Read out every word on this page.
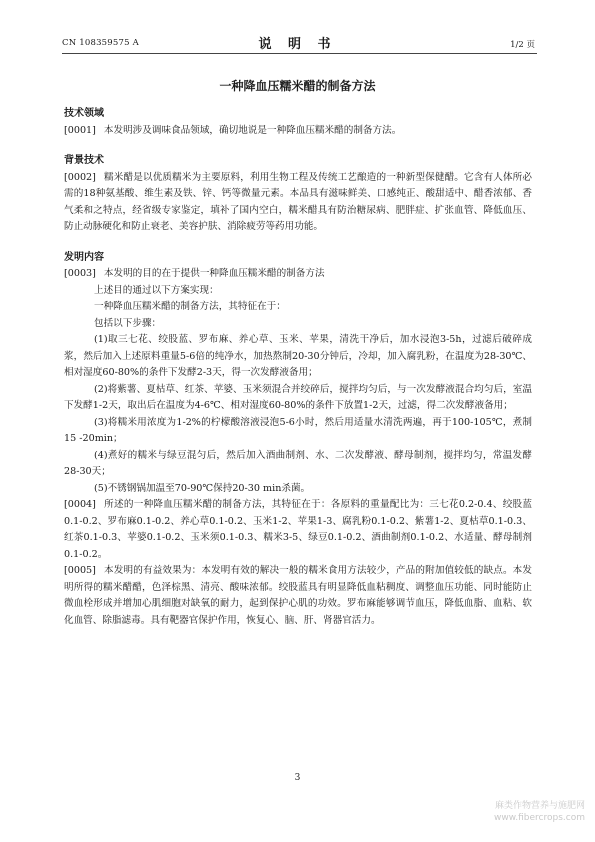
CN 108359575 A	说 明 书	1/2 页
一种降血压糯米醋的制备方法

技术领域

[0001] 本发明涉及调味食品领域，确切地说是一种降血压糯米醋的制备方法。

背景技术

[0002] 糯米醋是以优质糯米为主要原料，利用生物工程及传统工艺酿造的一种新型保健醋。它含有人体所必需的18种氨基酸、维生素及铁、锌、钙等微量元素。本品具有滋味鲜美、口感纯正、酸甜适中、醋香浓郁、香气柔和之特点，经省级专家鉴定，填补了国内空白，糯米醋具有防治糖尿病、肥胖症、扩张血管、降低血压、防止动脉硬化和防止衰老、美容护肤、消除疲劳等药用功能。

发明内容

[0003] 本发明的目的在于提供一种降血压糯米醋的制备方法

上述目的通过以下方案实现：

一种降血压糯米醋的制备方法，其特征在于：

包括以下步骤：

(1)取三七花、绞股蓝、罗布麻、养心草、玉米、苹果，清洗干净后，加水浸泡3-5h，过滤后破碎成浆，然后加入上述原料重量5-6倍的纯净水，加热熬制20-30分钟后，冷却，加入腐乳粉，在温度为28-30℃、相对湿度60-80%的条件下发酵2-3天，得一次发酵液备用；

(2)将紫薯、夏枯草、红茶、苹婆、玉米须混合并绞碎后，搅拌均匀后，与一次发酵液混合均匀后，室温下发酵1-2天，取出后在温度为4-6℃、相对湿度60-80%的条件下放置1-2天，过滤，得二次发酵液备用；

(3)将糯米用浓度为1-2%的柠檬酸溶液浸泡5-6小时，然后用适量水清洗两遍，再于100-105℃，煮制15 -20min；

(4)煮好的糯米与绿豆混匀后，然后加入酒曲制剂、水、二次发酵液、酵母制剂，搅拌均匀，常温发酵28-30天；

(5)不锈钢锅加温至70-90℃保持20-30 min杀菌。

[0004] 所述的一种降血压糯米醋的制备方法，其特征在于：各原料的重量配比为：三七花0.2-0.4、绞股蓝0.1-0.2、罗布麻0.1-0.2、养心草0.1-0.2、玉米1-2、苹果1-3、腐乳粉0.1-0.2、紫薯1-2、夏枯草0.1-0.3、红茶0.1-0.3、苹婆0.1-0.2、玉米须0.1-0.3、糯米3-5、绿豆0.1-0.2、酒曲制剂0.1-0.2、水适量、酵母制剂0.1-0.2。

[0005] 本发明的有益效果为：本发明有效的解决一般的糯米食用方法较少，产品的附加值较低的缺点。本发明所得的糯米醋醋，色泽棕黑、清亮、酸味浓郁。绞股蓝具有明显降低血粘稠度、调整血压功能、同时能防止微血栓形成并增加心肌细胞对缺氧的耐力，起到保护心肌的功效。罗布麻能够调节血压，降低血脂、血粘、软化血管、除脂滤毒。具有靶器官保护作用，恢复心、脑、肝、肾器官活力。

3
麻类作物营养与施肥网
www.fibercrops.com
